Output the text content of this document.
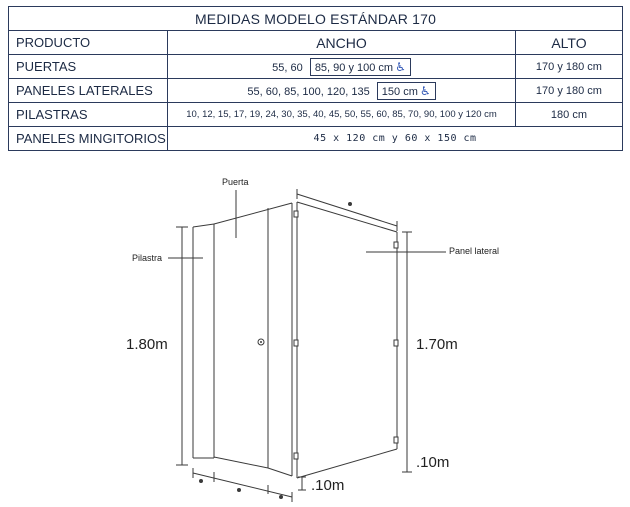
MEDIDAS MODELO ESTÁNDAR 170		
PRODUCTO	ANCHO	ALTO
PUERTAS	55, 60 85, 90 y 100 cm ♿	170 y 180 cm
PANELES LATERALES	55, 60, 85, 100, 120, 135 150 cm ♿	170 y 180 cm
PILASTRAS	10, 12, 15, 17, 19, 24, 30, 35, 40, 45, 50, 55, 60, 85, 70, 90, 100 y 120 cm	180 cm
PANELES MINGITORIOS	45 x 120 cm y 60 x 150 cm	
Puerta
Pilastra
Panel lateral
1.80m	1.70m
.10m
.10m
